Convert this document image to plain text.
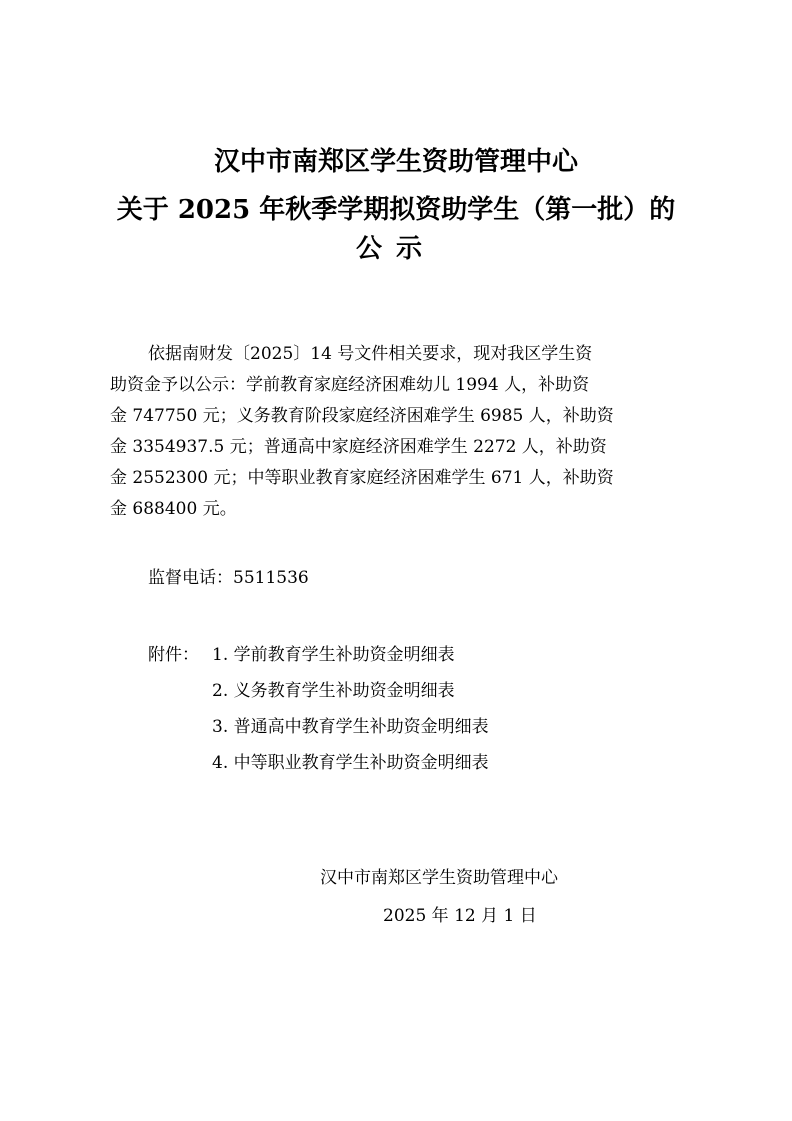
汉中市南郑区学生资助管理中心
关于 2025 年秋季学期拟资助学生（第一批）的
公示
依据南财发〔2025〕14 号文件相关要求，现对我区学生资
助资金予以公示：学前教育家庭经济困难幼儿 1994 人，补助资
金 747750 元；义务教育阶段家庭经济困难学生 6985 人，补助资
金 3354937.5 元；普通高中家庭经济困难学生 2272 人，补助资
金 2552300 元；中等职业教育家庭经济困难学生 671 人，补助资
金 688400 元。
监督电话：5511536
附件： 1. 学前教育学生补助资金明细表
2. 义务教育学生补助资金明细表
3. 普通高中教育学生补助资金明细表
4. 中等职业教育学生补助资金明细表
汉中市南郑区学生资助管理中心
2025 年 12 月 1 日
